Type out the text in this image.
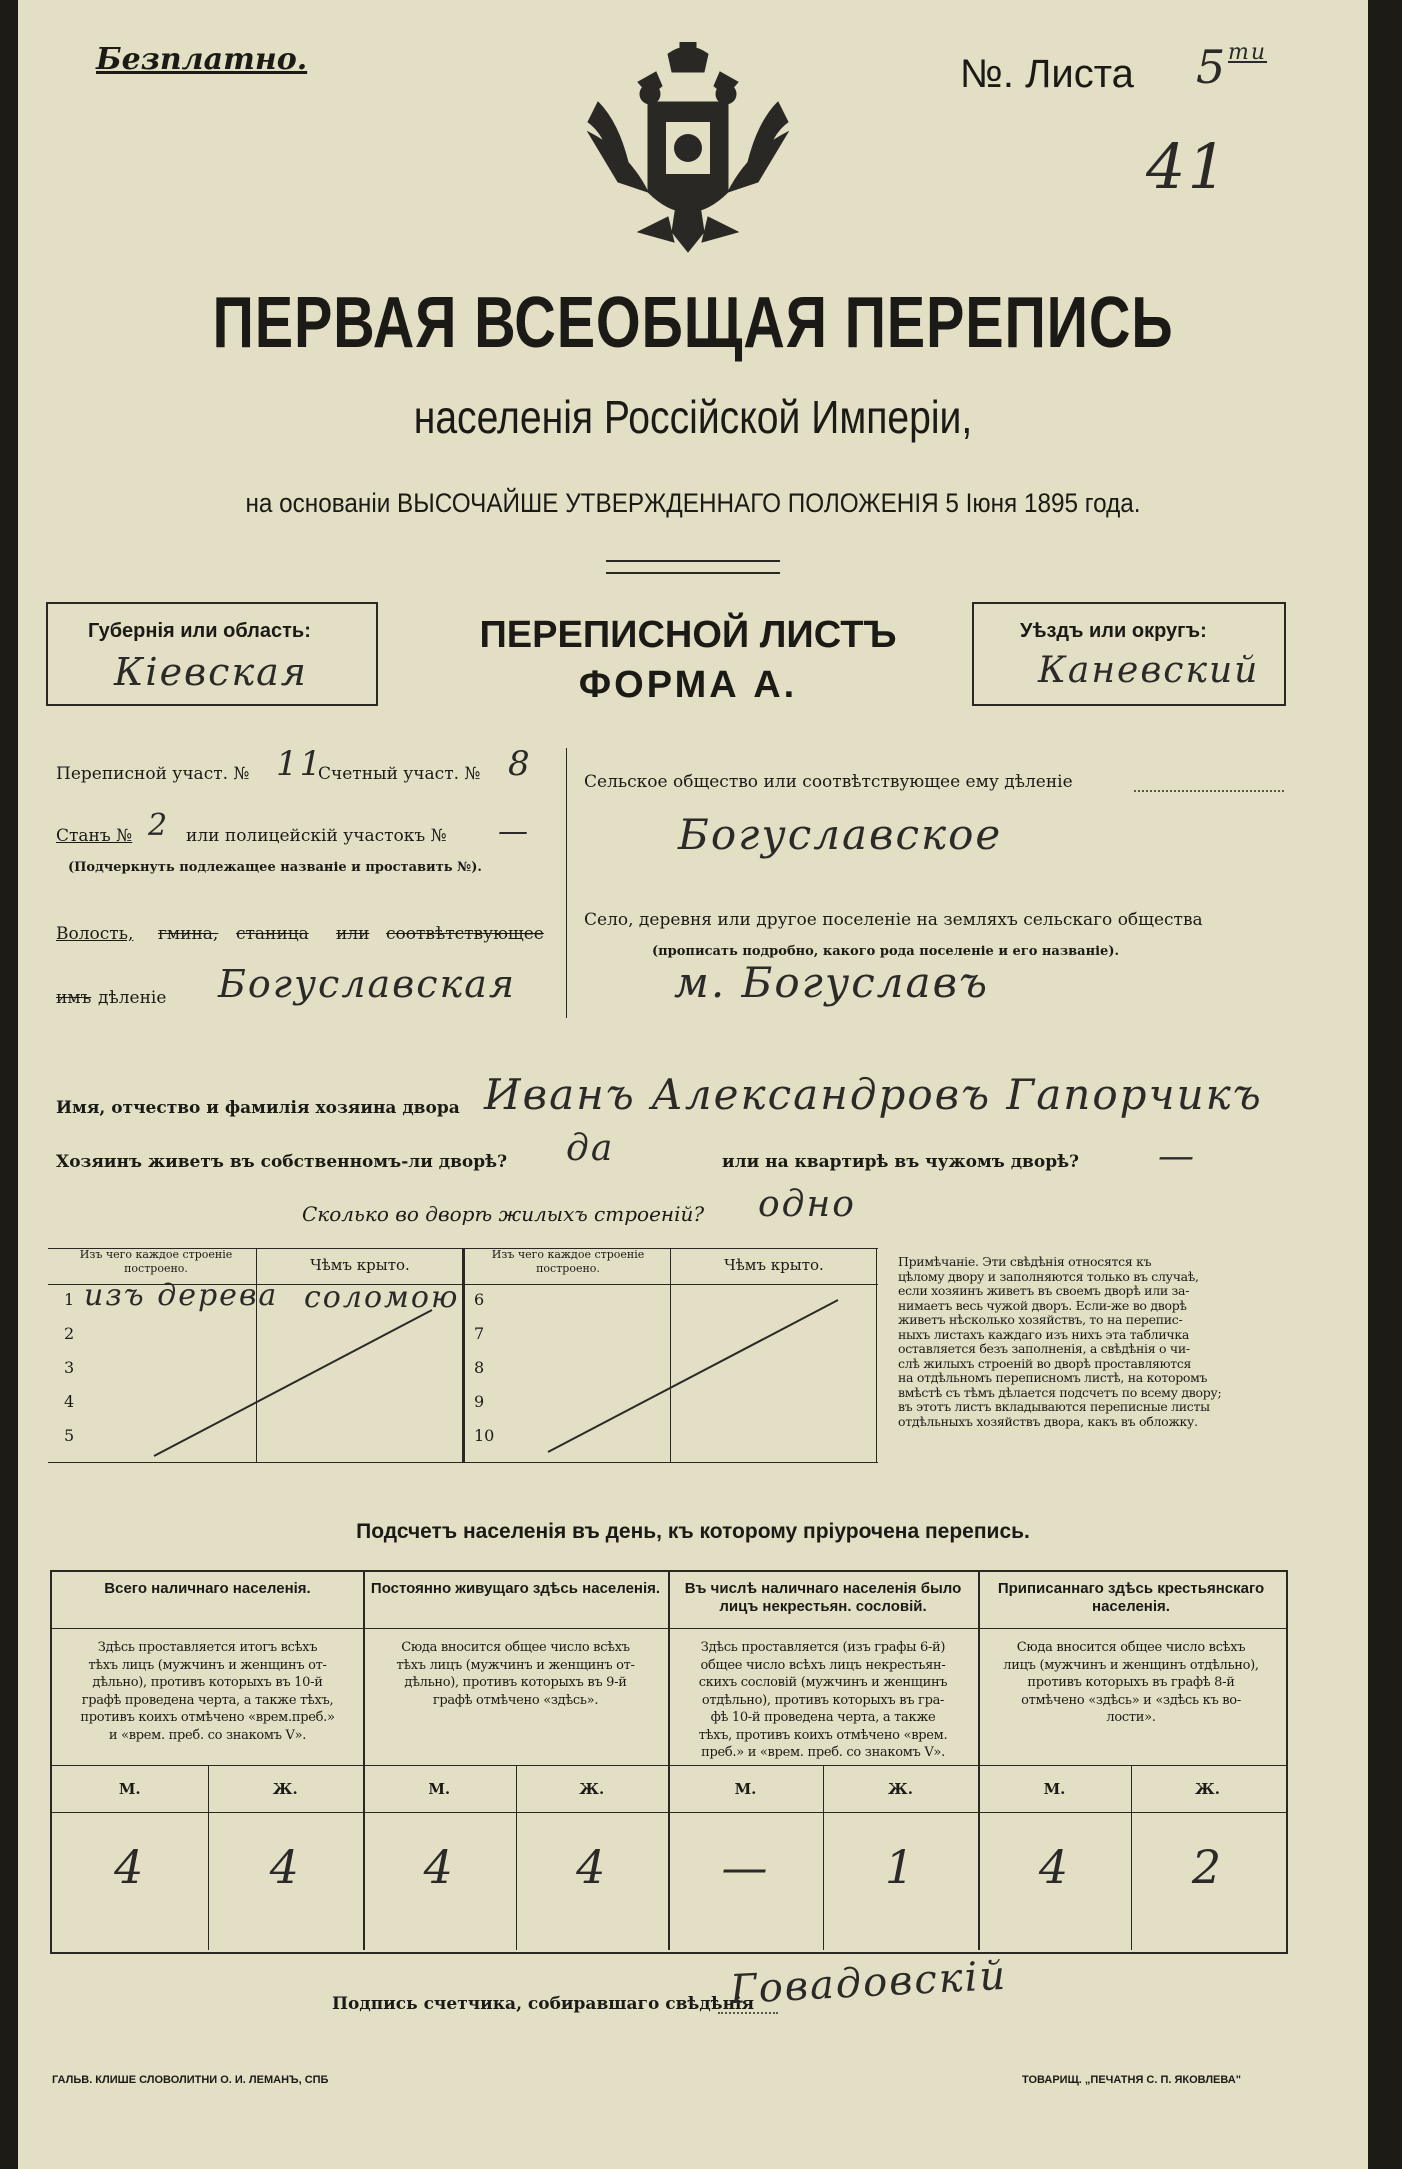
Безплатно.	№. Листа 5 ти
41
ПЕРВАЯ ВСЕОБЩАЯ ПЕРЕПИСЬ
населенія Россійской Имперіи,
на основаніи ВЫСОЧАЙШЕ УТВЕРЖДЕННАГО ПОЛОЖЕНІЯ 5 Іюня 1895 года.
Губернія или область:
Кiевская
ПЕРЕПИСНОЙ ЛИСТЪ
ФОРМА А.
Уѣздъ или округъ:
Каневский
Переписной участ. № 11
Счетный участ. № 8
Станъ № 2 или полицейскій участокъ № —
(Подчеркнуть подлежащее названіе и проставить №).
Волость, гмина, станица или соотвѣтствующее
имъ дѣленіе Богуславская
Сельское общество или соотвѣтствующее ему дѣленіе
Богуславское
Село, деревня или другое поселеніе на земляхъ сельскаго общества
(прописать подробно, какого рода поселеніе и его названіе).
м. Богуславъ
Имя, отчество и фамилія хозяина двора Иванъ Александровъ Гапорчикъ
Хозяинъ живетъ въ собственномъ-ли дворѣ? да	или на квартирѣ въ чужомъ дворѣ? —
Сколько во дворѣ жилыхъ строеній? одно
Изъ чего каждое строеніе построено.	Чѣмъ крыто.
Изъ чего каждое строеніе построено.	Чѣмъ крыто.
1 изъ дерева соломою
2
3
4
5
6
7
8
9
10
Примѣчаніе. Эти свѣдѣнія относятся къ
цѣлому двору и заполняются только въ случаѣ,
если хозяинъ живетъ въ своемъ дворѣ или за-
нимаетъ весь чужой дворъ. Если-же во дворѣ
живетъ нѣсколько хозяйствъ, то на перепис-
ныхъ листахъ каждаго изъ нихъ эта табличка
оставляется безъ заполненія, а свѣдѣнія о чи-
слѣ жилыхъ строеній во дворѣ проставляются
на отдѣльномъ переписномъ листѣ, на которомъ
вмѣстѣ съ тѣмъ дѣлается подсчетъ по всему двору;
въ этотъ листъ вкладываются переписные листы
отдѣльныхъ хозяйствъ двора, какъ въ обложку.
Подсчетъ населенія въ день, къ которому пріурочена перепись.
Всего наличнаго населенія.
Здѣсь проставляется итогъ всѣхъ
тѣхъ лицъ (мужчинъ и женщинъ от-
дѣльно), противъ которыхъ въ 10-й
графѣ проведена черта, а также тѣхъ,
противъ коихъ отмѣчено «врем.преб.»
и «врем. преб. со знакомъ V».
М.	Ж.
4	4
Постоянно живущаго здѣсь населенія.
Сюда вносится общее число всѣхъ
тѣхъ лицъ (мужчинъ и женщинъ от-
дѣльно), противъ которыхъ въ 9-й
графѣ отмѣчено «здѣсь».
М.	Ж.
4	4
Въ числѣ наличнаго населенія было лицъ некрестьян. сословій.
Здѣсь проставляется (изъ графы 6-й)
общее число всѣхъ лицъ некрестьян-
скихъ сословій (мужчинъ и женщинъ
отдѣльно), противъ которыхъ въ гра-
фѣ 10-й проведена черта, а также
тѣхъ, противъ коихъ отмѣчено «врем.
преб.» и «врем. преб. со знакомъ V».
М.	Ж.
—	1
Приписаннаго здѣсь крестьянскаго населенія.
Сюда вносится общее число всѣхъ
лицъ (мужчинъ и женщинъ отдѣльно),
противъ которыхъ въ графѣ 8-й
отмѣчено «здѣсь» и «здѣсь къ во-
лости».
М.	Ж.
4	2
Подпись счетчика, собиравшаго свѣдѣнія
Говадовскій
ГАЛЬВ. КЛИШЕ СЛОВОЛИТНИ О. И. ЛЕМАНЪ, СПБ	ТОВАРИЩ. „ПЕЧАТНЯ С. П. ЯКОВЛЕВА"
